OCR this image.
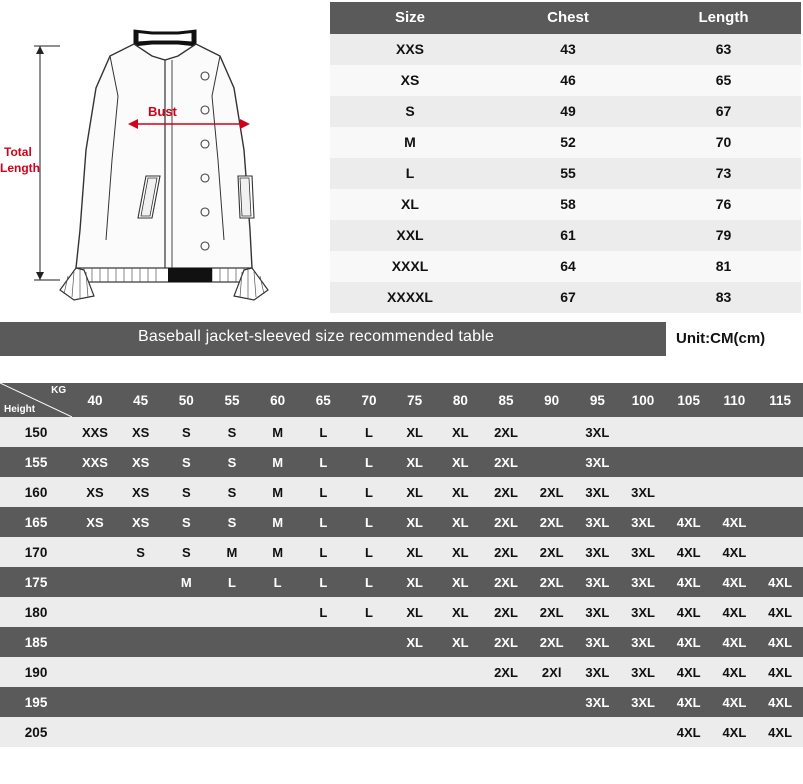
Bust
Total
Length
Size	Chest	Length
XXS	43	63
XS	46	65
S	49	67
M	52	70
L	55	73
XL	58	76
XXL	61	79
XXXL	64	81
XXXXL	67	83
Baseball jacket-sleeved size recommended table	Unit:CM(cm)
KG
Height	40	45	50	55	60	65	70	75	80	85	90	95	100	105	110	115
150	XXS	XS	S	S	M	L	L	XL	XL	2XL		3XL				
155	XXS	XS	S	S	M	L	L	XL	XL	2XL		3XL				
160	XS	XS	S	S	M	L	L	XL	XL	2XL	2XL	3XL	3XL			
165	XS	XS	S	S	M	L	L	XL	XL	2XL	2XL	3XL	3XL	4XL	4XL	
170		S	S	M	M	L	L	XL	XL	2XL	2XL	3XL	3XL	4XL	4XL	
175			M	L	L	L	L	XL	XL	2XL	2XL	3XL	3XL	4XL	4XL	4XL
180						L	L	XL	XL	2XL	2XL	3XL	3XL	4XL	4XL	4XL
185								XL	XL	2XL	2XL	3XL	3XL	4XL	4XL	4XL
190										2XL	2Xl	3XL	3XL	4XL	4XL	4XL
195												3XL	3XL	4XL	4XL	4XL
205														4XL	4XL	4XL
